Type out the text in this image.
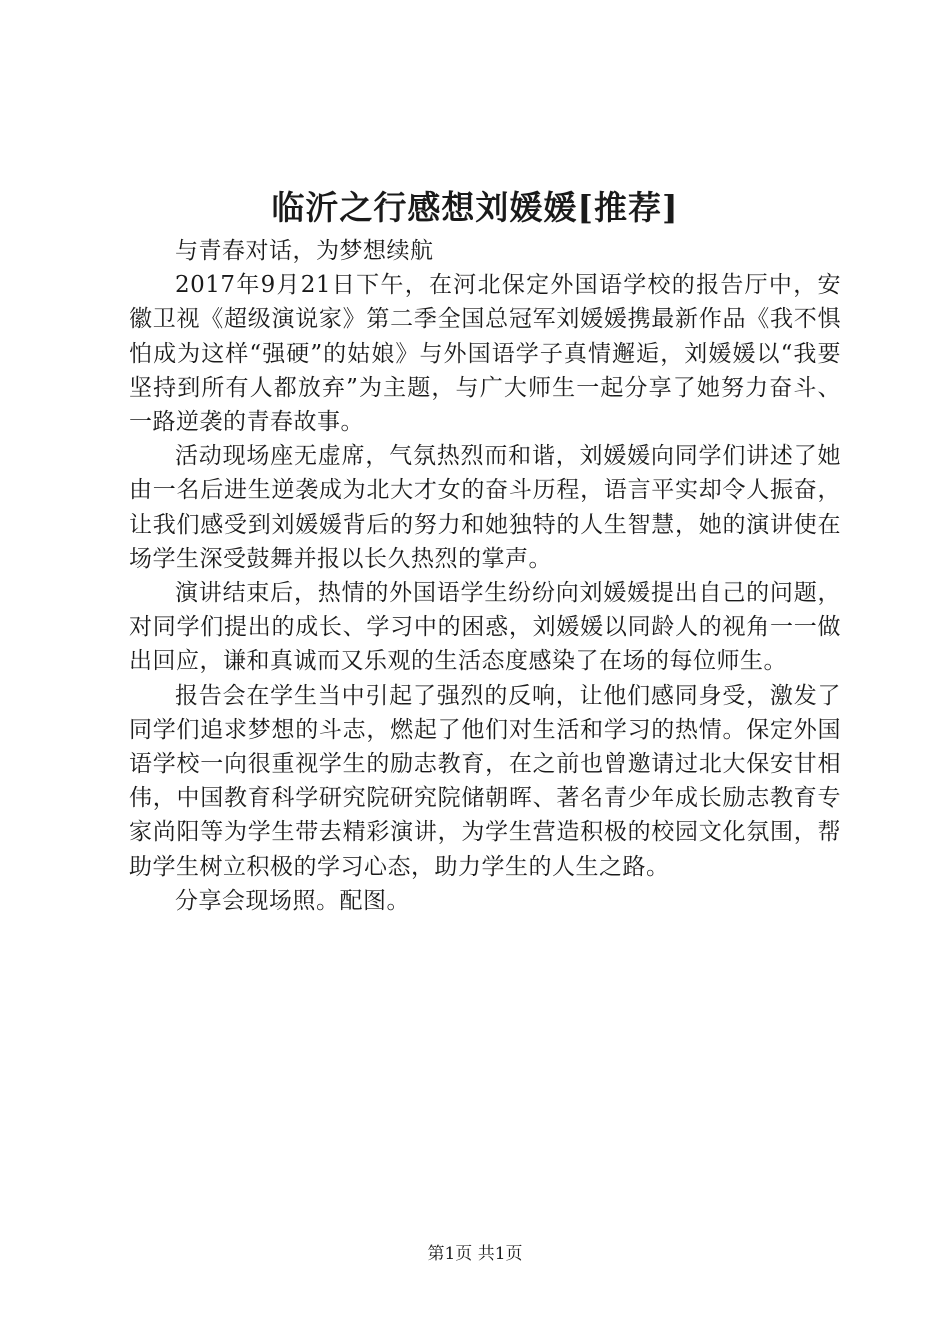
临沂之行感想刘媛媛[推荐]

与青春对话，为梦想续航

2017年9月21日下午，在河北保定外国语学校的报告厅中，安徽卫视《超级演说家》第二季全国总冠军刘媛媛携最新作品《我不惧怕成为这样“强硬”的姑娘》与外国语学子真情邂逅，刘媛媛以“我要坚持到所有人都放弃”为主题，与广大师生一起分享了她努力奋斗、一路逆袭的青春故事。

活动现场座无虚席，气氛热烈而和谐，刘媛媛向同学们讲述了她由一名后进生逆袭成为北大才女的奋斗历程，语言平实却令人振奋，让我们感受到刘媛媛背后的努力和她独特的人生智慧，她的演讲使在场学生深受鼓舞并报以长久热烈的掌声。

演讲结束后，热情的外国语学生纷纷向刘媛媛提出自己的问题，对同学们提出的成长、学习中的困惑，刘媛媛以同龄人的视角一一做出回应，谦和真诚而又乐观的生活态度感染了在场的每位师生。

报告会在学生当中引起了强烈的反响，让他们感同身受，激发了同学们追求梦想的斗志，燃起了他们对生活和学习的热情。保定外国语学校一向很重视学生的励志教育，在之前也曾邀请过北大保安甘相伟，中国教育科学研究院研究院储朝晖、著名青少年成长励志教育专家尚阳等为学生带去精彩演讲，为学生营造积极的校园文化氛围，帮助学生树立积极的学习心态，助力学生的人生之路。

分享会现场照。配图。

第1页 共1页
